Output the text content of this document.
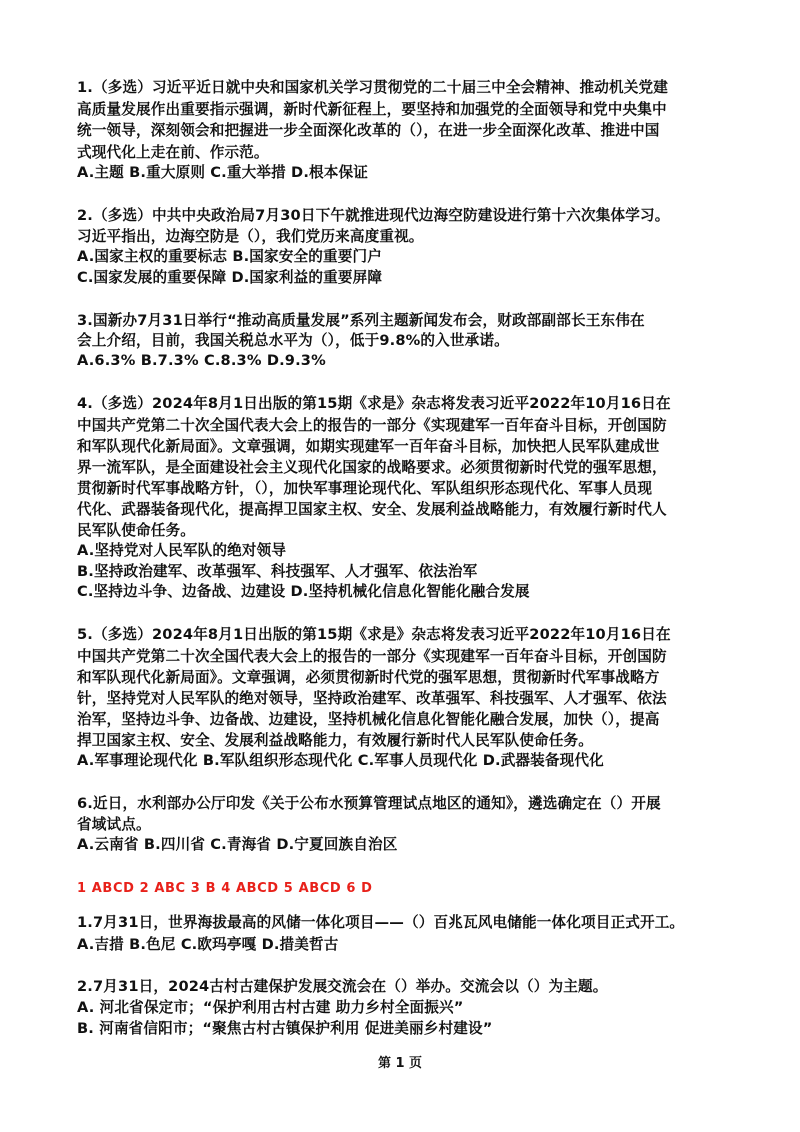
1.（多选）习近平近日就中央和国家机关学习贯彻党的二十届三中全会精神、推动机关党建
高质量发展作出重要指示强调，新时代新征程上，要坚持和加强党的全面领导和党中央集中
统一领导，深刻领会和把握进一步全面深化改革的（），在进一步全面深化改革、推进中国
式现代化上走在前、作示范。
A.主题 B.重大原则 C.重大举措 D.根本保证
2.（多选）中共中央政治局7月30日下午就推进现代边海空防建设进行第十六次集体学习。
习近平指出，边海空防是（），我们党历来高度重视。
A.国家主权的重要标志 B.国家安全的重要门户
C.国家发展的重要保障 D.国家利益的重要屏障
3.国新办7月31日举行“推动高质量发展”系列主题新闻发布会，财政部副部长王东伟在
会上介绍，目前，我国关税总水平为（），低于9.8%的入世承诺。
A.6.3% B.7.3% C.8.3% D.9.3%
4.（多选）2024年8月1日出版的第15期《求是》杂志将发表习近平2022年10月16日在
中国共产党第二十次全国代表大会上的报告的一部分《实现建军一百年奋斗目标，开创国防
和军队现代化新局面》。文章强调，如期实现建军一百年奋斗目标，加快把人民军队建成世
界一流军队，是全面建设社会主义现代化国家的战略要求。必须贯彻新时代党的强军思想，
贯彻新时代军事战略方针，（），加快军事理论现代化、军队组织形态现代化、军事人员现
代化、武器装备现代化，提高捍卫国家主权、安全、发展利益战略能力，有效履行新时代人
民军队使命任务。
A.坚持党对人民军队的绝对领导
B.坚持政治建军、改革强军、科技强军、人才强军、依法治军
C.坚持边斗争、边备战、边建设 D.坚持机械化信息化智能化融合发展
5.（多选）2024年8月1日出版的第15期《求是》杂志将发表习近平2022年10月16日在
中国共产党第二十次全国代表大会上的报告的一部分《实现建军一百年奋斗目标，开创国防
和军队现代化新局面》。文章强调，必须贯彻新时代党的强军思想，贯彻新时代军事战略方
针，坚持党对人民军队的绝对领导，坚持政治建军、改革强军、科技强军、人才强军、依法
治军，坚持边斗争、边备战、边建设，坚持机械化信息化智能化融合发展，加快（），提高
捍卫国家主权、安全、发展利益战略能力，有效履行新时代人民军队使命任务。
A.军事理论现代化 B.军队组织形态现代化 C.军事人员现代化 D.武器装备现代化
6.近日，水利部办公厅印发《关于公布水预算管理试点地区的通知》，遴选确定在（）开展
省域试点。
A.云南省 B.四川省 C.青海省 D.宁夏回族自治区
1 ABCD 2 ABC 3 B 4 ABCD 5 ABCD 6 D
1.7月31日，世界海拔最高的风储一体化项目——（）百兆瓦风电储能一体化项目正式开工。
A.吉措 B.色尼 C.欧玛亭嘎 D.措美哲古
2.7月31日，2024古村古建保护发展交流会在（）举办。交流会以（）为主题。
A. 河北省保定市；“保护利用古村古建 助力乡村全面振兴”
B. 河南省信阳市；“聚焦古村古镇保护利用 促进美丽乡村建设”
第 1 页
